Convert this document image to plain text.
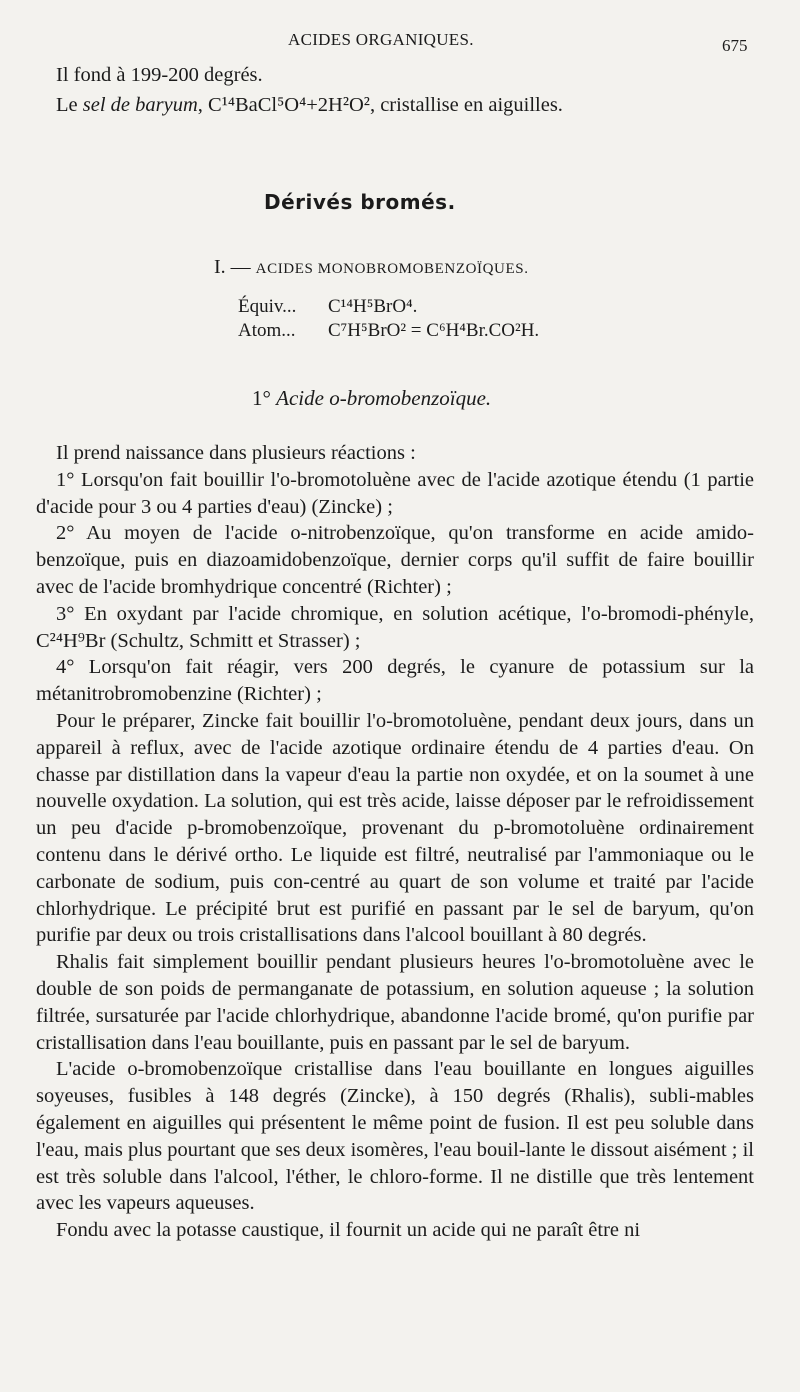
ACIDES ORGANIQUES.	675
Il fond à 199-200 degrés.
Le sel de baryum, C¹⁴BaCl⁵O⁴+2H²O², cristallise en aiguilles.
Dérivés bromés.
I. — ACIDES MONOBROMOBENZOÏQUES.
Équiv... C¹⁴H⁵BrO⁴.
Atom... C⁷H⁵BrO² = C⁶H⁴Br.CO²H.
1° Acide o-bromobenzoïque.

Il prend naissance dans plusieurs réactions :

1° Lorsqu'on fait bouillir l'o-bromotoluène avec de l'acide azotique étendu (1 partie d'acide pour 3 ou 4 parties d'eau) (Zincke) ;

2° Au moyen de l'acide o-nitrobenzoïque, qu'on transforme en acide amido-benzoïque, puis en diazoamidobenzoïque, dernier corps qu'il suffit de faire bouillir avec de l'acide bromhydrique concentré (Richter) ;

3° En oxydant par l'acide chromique, en solution acétique, l'o-bromodi-phényle, C²⁴H⁹Br (Schultz, Schmitt et Strasser) ;

4° Lorsqu'on fait réagir, vers 200 degrés, le cyanure de potassium sur la métanitrobromobenzine (Richter) ;

Pour le préparer, Zincke fait bouillir l'o-bromotoluène, pendant deux jours, dans un appareil à reflux, avec de l'acide azotique ordinaire étendu de 4 parties d'eau. On chasse par distillation dans la vapeur d'eau la partie non oxydée, et on la soumet à une nouvelle oxydation. La solution, qui est très acide, laisse déposer par le refroidissement un peu d'acide p-bromobenzoïque, provenant du p-bromotoluène ordinairement contenu dans le dérivé ortho. Le liquide est filtré, neutralisé par l'ammoniaque ou le carbonate de sodium, puis con-centré au quart de son volume et traité par l'acide chlorhydrique. Le précipité brut est purifié en passant par le sel de baryum, qu'on purifie par deux ou trois cristallisations dans l'alcool bouillant à 80 degrés.

Rhalis fait simplement bouillir pendant plusieurs heures l'o-bromotoluène avec le double de son poids de permanganate de potassium, en solution aqueuse ; la solution filtrée, sursaturée par l'acide chlorhydrique, abandonne l'acide bromé, qu'on purifie par cristallisation dans l'eau bouillante, puis en passant par le sel de baryum.

L'acide o-bromobenzoïque cristallise dans l'eau bouillante en longues aiguilles soyeuses, fusibles à 148 degrés (Zincke), à 150 degrés (Rhalis), subli-mables également en aiguilles qui présentent le même point de fusion. Il est peu soluble dans l'eau, mais plus pourtant que ses deux isomères, l'eau bouil-lante le dissout aisément ; il est très soluble dans l'alcool, l'éther, le chloro-forme. Il ne distille que très lentement avec les vapeurs aqueuses.

Fondu avec la potasse caustique, il fournit un acide qui ne paraît être ni
